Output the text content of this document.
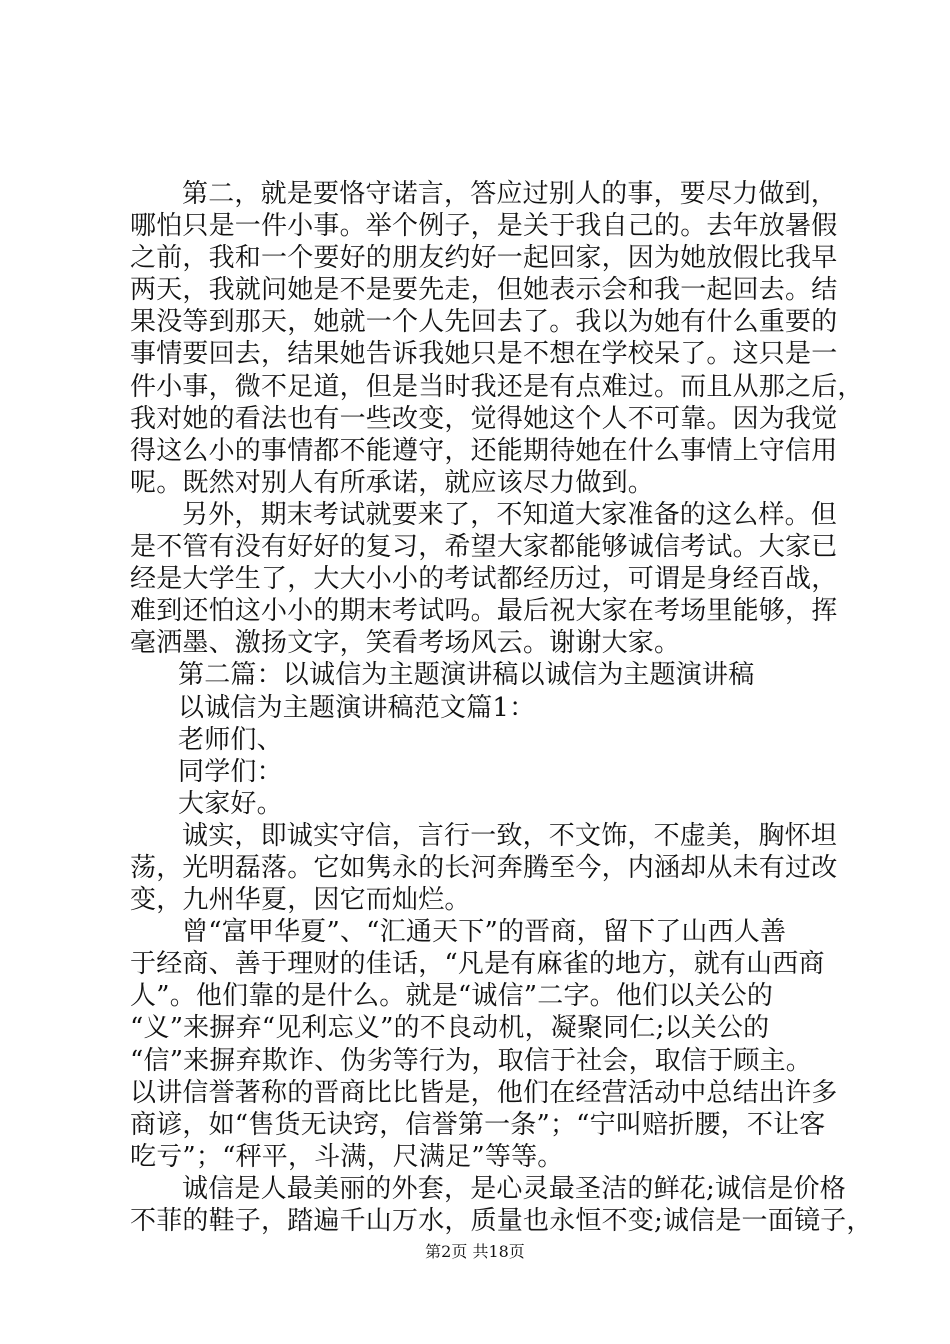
第二，就是要恪守诺言，答应过别人的事，要尽力做到，
哪怕只是一件小事。举个例子，是关于我自己的。去年放暑假
之前，我和一个要好的朋友约好一起回家，因为她放假比我早
两天，我就问她是不是要先走，但她表示会和我一起回去。结
果没等到那天，她就一个人先回去了。我以为她有什么重要的
事情要回去，结果她告诉我她只是不想在学校呆了。这只是一
件小事，微不足道，但是当时我还是有点难过。而且从那之后，
我对她的看法也有一些改变，觉得她这个人不可靠。因为我觉
得这么小的事情都不能遵守，还能期待她在什么事情上守信用
呢。既然对别人有所承诺，就应该尽力做到。
另外，期末考试就要来了，不知道大家准备的这么样。但
是不管有没有好好的复习，希望大家都能够诚信考试。大家已
经是大学生了，大大小小的考试都经历过，可谓是身经百战，
难到还怕这小小的期末考试吗。最后祝大家在考场里能够，挥
毫洒墨、激扬文字，笑看考场风云。谢谢大家。
第二篇：以诚信为主题演讲稿以诚信为主题演讲稿
以诚信为主题演讲稿范文篇1：
老师们、
同学们：
大家好。
诚实，即诚实守信，言行一致，不文饰，不虚美，胸怀坦
荡，光明磊落。它如隽永的长河奔腾至今，内涵却从未有过改
变，九州华夏，因它而灿烂。
曾“富甲华夏”、“汇通天下”的晋商，留下了山西人善
于经商、善于理财的佳话，“凡是有麻雀的地方，就有山西商
人”。他们靠的是什么。就是“诚信”二字。他们以关公的
“义”来摒弃“见利忘义”的不良动机，凝聚同仁;以关公的
“信”来摒弃欺诈、伪劣等行为，取信于社会，取信于顾主。
以讲信誉著称的晋商比比皆是，他们在经营活动中总结出许多
商谚，如“售货无诀窍，信誉第一条”；“宁叫赔折腰，不让客
吃亏”；“秤平，斗满，尺满足”等等。
诚信是人最美丽的外套，是心灵最圣洁的鲜花;诚信是价格
不菲的鞋子，踏遍千山万水，质量也永恒不变;诚信是一面镜子，
第2页 共18页
